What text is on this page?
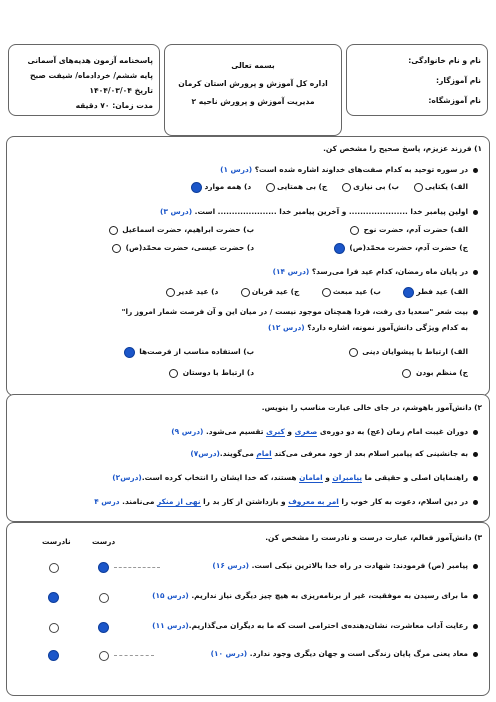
پاسخنامه آزمون هدیه‌های آسمانی
پایه ششم/ خردادماه/ شیفت صبح
تاریخ ۱۴۰۴/۰۳/۰۴
مدت زمان: ۷۰ دقیقه
بسمه تعالی
اداره کل آموزش و پرورش استان کرمان
مدیریت آموزش و پرورش ناحیه ۲
نام و نام خانوادگی:
نام آموزگار:
نام آموزشگاه:
۱) فرزند عزیزم، پاسخ صحیح را مشخص کن.
در سوره توحید به کدام صفت‌های خداوند اشاره شده است؟ (درس ۱)
الف) یکتایی     ب) بی نیازی     ج) بی همتایی     د) همه موارد
اولین پیامبر خدا ..................... و آخرین پیامبر خدا ..................... است. (درس ۳)
الف) حضرت آدم، حضرت نوح
ب) حضرت ابراهیم، حضرت اسماعیل
ج) حضرت آدم، حضرت محمّد(ص)
د) حضرت عیسی، حضرت محمّد(ص)
در پایان ماه رمضان، کدام عید فرا می‌رسد؟ (درس ۱۴)
الف) عید فطر        ب) عید مبعث        ج) عید قربان        د) عید غدیر
بیت شعر "سعدیا دی رفت، فردا همچنان موجود نیست / در میان این و آن فرصت شمار امروز را"
به کدام ویژگی دانش‌آموز نمونه، اشاره دارد؟ (درس ۱۲)
الف) ارتباط با پیشوایان دینی
ب) استفاده مناسب از فرصت‌ها
ج) منظم بودن
د) ارتباط با دوستان
۲) دانش‌آموز باهوشم، در جای خالی عبارت مناسب را بنویس.
دوران غیبت امام زمان (عج) به دو دوره‌ی صغری و کبری تقسیم می‌شود. (درس ۹)
به جانشینی که پیامبر اسلام بعد از خود معرفی می‌کند امام می‌گویند.(درس۷)
راهنمایان اصلی و حقیقی ما پیامبران و امامان هستند، که خدا ایشان را انتخاب کرده است.(درس۲)
در دین اسلام، دعوت به کار خوب را امر به معروف و بازداشتن از کار بد را نهی از منکر می‌نامند. درس ۴
۳) دانش‌آموز فعالم، عبارت درست و نادرست را مشخص کن.
درست
نادرست
پیامبر (ص) فرمودند: شهادت در راه خدا بالاترین نیکی است. (درس ۱۶)
ما برای رسیدن به موفقیت، غیر از برنامه‌ریزی به هیچ چیز دیگری نیاز نداریم. (درس ۱۵)
رعایت آداب معاشرت، نشان‌دهنده‌ی احترامی است که ما به دیگران می‌گذاریم.(درس ۱۱)
معاد یعنی مرگ پایان زندگی است و جهان دیگری وجود ندارد. (درس ۱۰)
